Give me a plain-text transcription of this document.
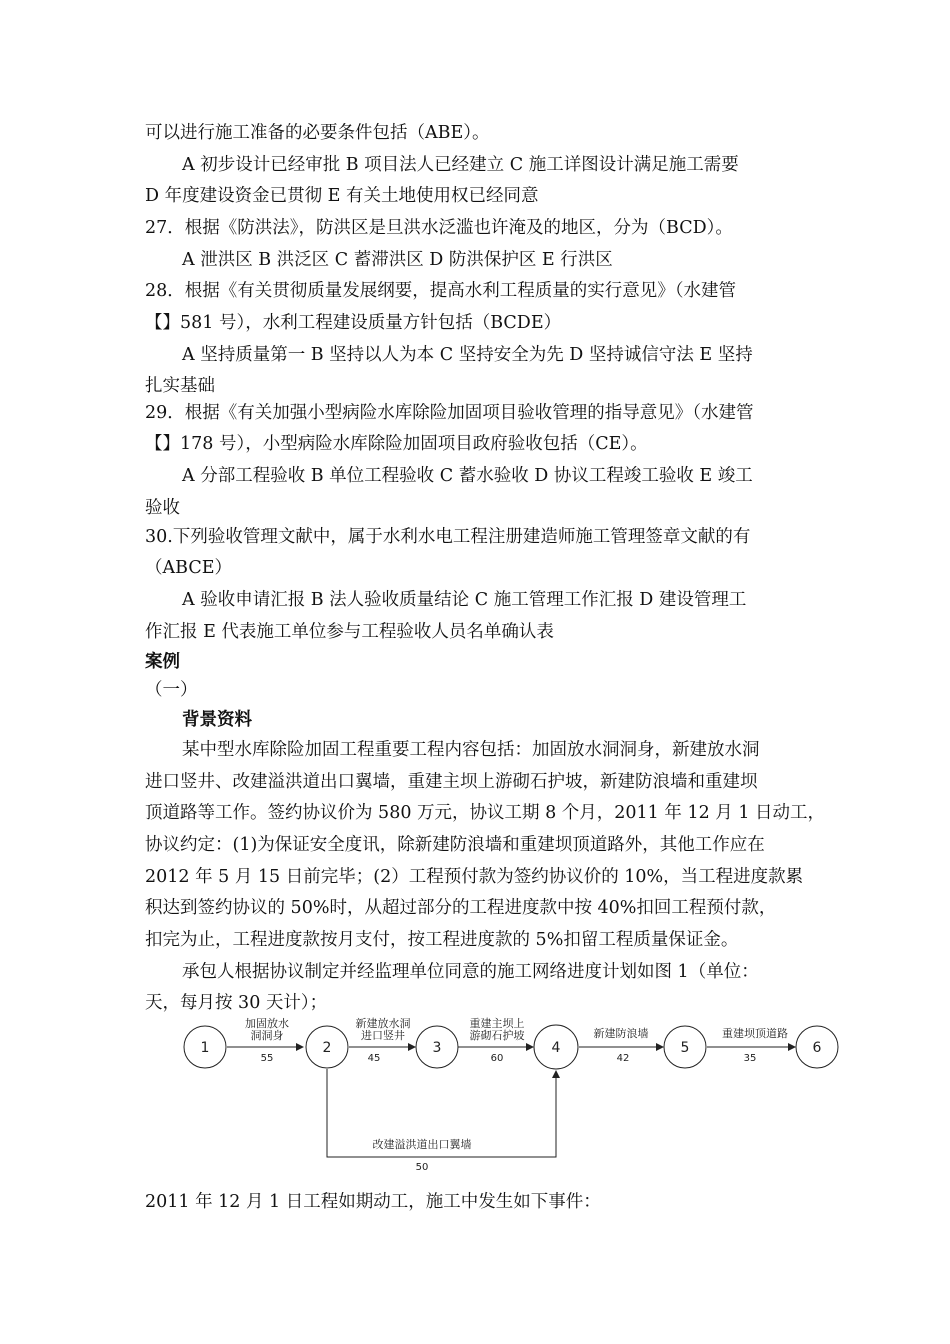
可以进行施工准备的必要条件包括（ABE）。
A 初步设计已经审批 B 项目法人已经建立 C 施工详图设计满足施工需要
D 年度建设资金已贯彻 E 有关土地使用权已经同意
27．根据《防洪法》，防洪区是旦洪水泛滥也许淹及的地区，分为（BCD）。
A 泄洪区 B 洪泛区 C 蓄滞洪区 D 防洪保护区 E 行洪区
28．根据《有关贯彻质量发展纲要，提高水利工程质量的实行意见》（水建管
【】581 号），水利工程建设质量方针包括（BCDE）
A 坚持质量第一 B 坚持以人为本 C 坚持安全为先 D 坚持诚信守法 E 坚持
扎实基础
29．根据《有关加强小型病险水库除险加固项目验收管理的指导意见》（水建管
【】178 号），小型病险水库除险加固项目政府验收包括（CE）。
A 分部工程验收 B 单位工程验收 C 蓄水验收 D 协议工程竣工验收 E 竣工
验收
30.下列验收管理文献中，属于水利水电工程注册建造师施工管理签章文献的有
（ABCE）
A 验收申请汇报 B 法人验收质量结论 C 施工管理工作汇报 D 建设管理工
作汇报 E 代表施工单位参与工程验收人员名单确认表
案例
（一）
背景资料
某中型水库除险加固工程重要工程内容包括：加固放水洞洞身，新建放水洞
进口竖井、改建溢洪道出口翼墙，重建主坝上游砌石护坡，新建防浪墙和重建坝
顶道路等工作。签约协议价为 580 万元，协议工期 8 个月，2011 年 12 月 1 日动工，
协议约定：(1)为保证安全度讯，除新建防浪墙和重建坝顶道路外，其他工作应在
2012 年 5 月 15 日前完毕；(2）工程预付款为签约协议价的 10%，当工程进度款累
积达到签约协议的 50%时，从超过部分的工程进度款中按 40%扣回工程预付款，
扣完为止，工程进度款按月支付，按工程进度款的 5%扣留工程质量保证金。
承包人根据协议制定并经监理单位同意的施工网络进度计划如图 1（单位：
天，每月按 30 天计）；
1	2	3	4	5	6
加固放水
洞洞身
55
新建放水洞
进口竖井
45
重建主坝上
游砌石护坡
60
新建防浪墙
42
重建坝顶道路
35
改建溢洪道出口翼墙
50
2011 年 12 月 1 日工程如期动工，施工中发生如下事件：
